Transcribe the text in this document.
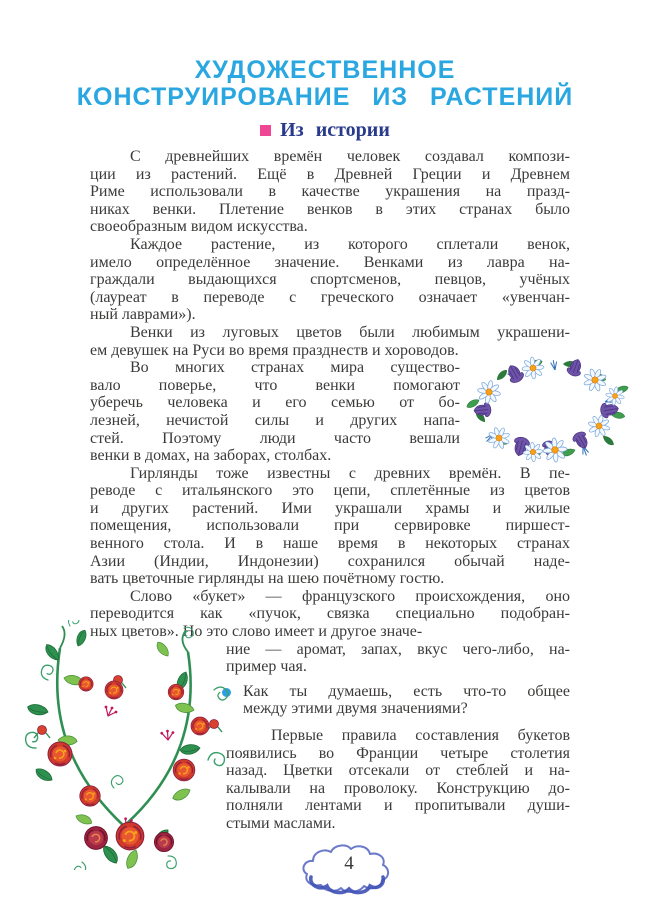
ХУДОЖЕСТВЕННОЕ
КОНСТРУИРОВАНИЕ ИЗ РАСТЕНИЙ
Из истории
С древнейших времён человек создавал компози-
ции из растений. Ещё в Древней Греции и Древнем
Риме использовали в качестве украшения на празд-
никах венки. Плетение венков в этих странах было
своеобразным видом искусства.
Каждое растение, из которого сплетали венок,
имело определённое значение. Венками из лавра на-
граждали выдающихся спортсменов, певцов, учёных
(лауреат в переводе с греческого означает «увенчан-
ный лаврами»).
Венки из луговых цветов были любимым украшени-
ем девушек на Руси во время празднеств и хороводов.
Во многих странах мира существо-
вало поверье, что венки помогают
уберечь человека и его семью от бо-
лезней, нечистой силы и других напа-
стей. Поэтому люди часто вешали
венки в домах, на заборах, столбах.
Гирлянды тоже известны с древних времён. В пе-
реводе с итальянского это цепи, сплетённые из цветов
и других растений. Ими украшали храмы и жилые
помещения, использовали при сервировке пиршест-
венного стола. И в наше время в некоторых странах
Азии (Индии, Индонезии) сохранился обычай наде-
вать цветочные гирлянды на шею почётному гостю.
Слово «букет» — французского происхождения, оно
переводится как «пучок, связка специально подобран-
ных цветов». Но это слово имеет и другое значе-
ние — аромат, запах, вкус чего-либо, на-
пример чая.
Как ты думаешь, есть что-то общее
между этими двумя значениями?
Первые правила составления букетов
появились во Франции четыре столетия
назад. Цветки отсекали от стеблей и на-
калывали на проволоку. Конструкцию до-
полняли лентами и пропитывали души-
стыми маслами.
4
